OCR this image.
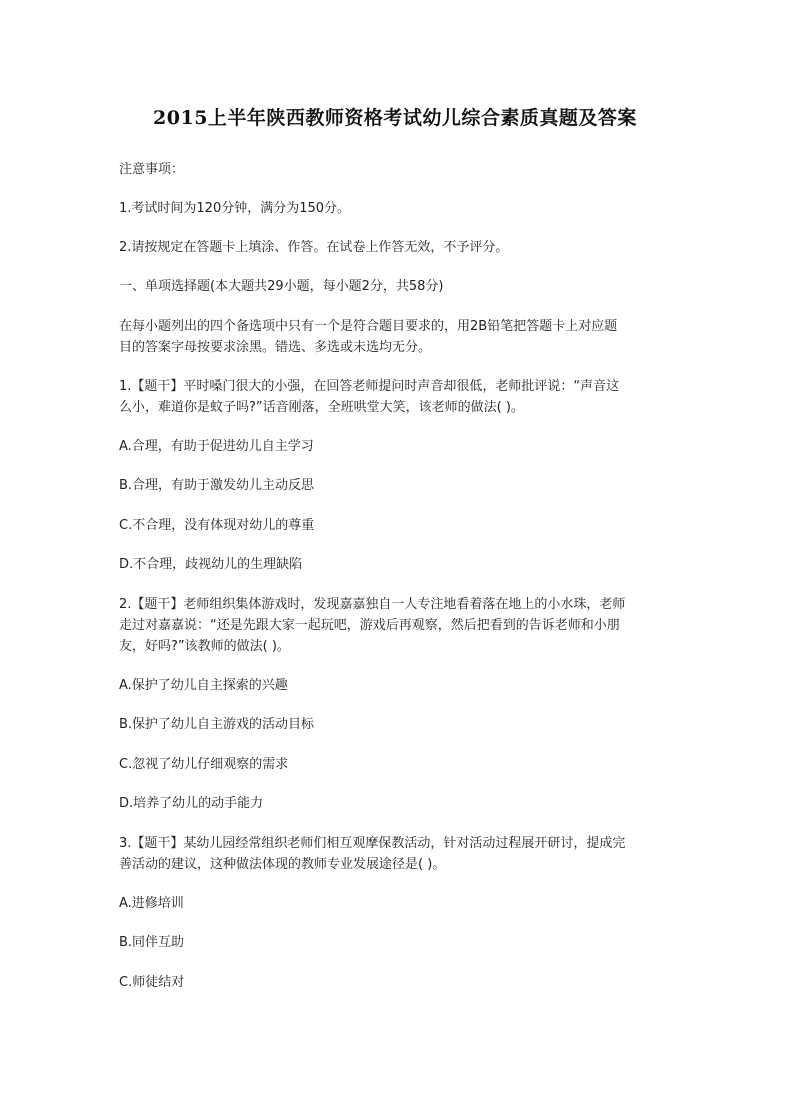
2015上半年陕西教师资格考试幼儿综合素质真题及答案
注意事项：
1.考试时间为120分钟，满分为150分。
2.请按规定在答题卡上填涂、作答。在试卷上作答无效，不予评分。
一、单项选择题(本大题共29小题，每小题2分，共58分)
在每小题列出的四个备选项中只有一个是符合题目要求的，用2B铅笔把答题卡上对应题
目的答案字母按要求涂黑。错选、多选或未选均无分。
1.【题干】平时嗓门很大的小强，在回答老师提问时声音却很低，老师批评说：“声音这
么小，难道你是蚊子吗?”话音刚落，全班哄堂大笑，该老师的做法( )。
A.合理，有助于促进幼儿自主学习
B.合理，有助于激发幼儿主动反思
C.不合理，没有体现对幼儿的尊重
D.不合理，歧视幼儿的生理缺陷
2.【题干】老师组织集体游戏时，发现嘉嘉独自一人专注地看着落在地上的小水珠，老师
走过对嘉嘉说：“还是先跟大家一起玩吧，游戏后再观察，然后把看到的告诉老师和小朋
友，好吗?”该教师的做法( )。
A.保护了幼儿自主探索的兴趣
B.保护了幼儿自主游戏的活动目标
C.忽视了幼儿仔细观察的需求
D.培养了幼儿的动手能力
3.【题干】某幼儿园经常组织老师们相互观摩保教活动，针对活动过程展开研讨，提成完
善活动的建议，这种做法体现的教师专业发展途径是( )。
A.进修培训
B.同伴互助
C.师徒结对
